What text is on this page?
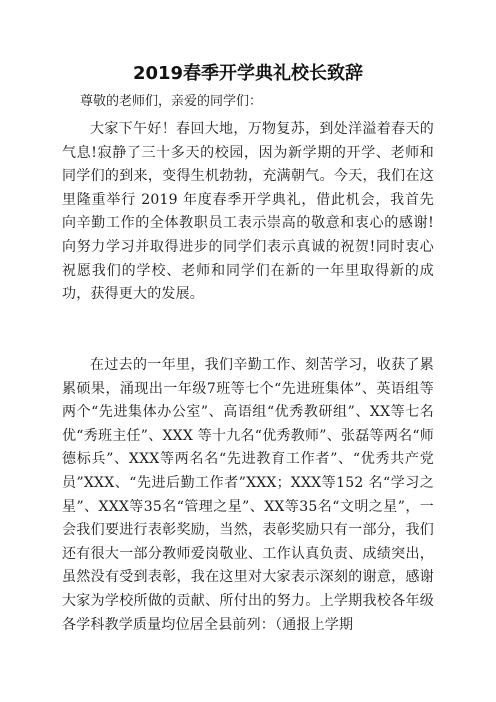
2019春季开学典礼校长致辞

尊敬的老师们，亲爱的同学们：

大家下午好！春回大地，万物复苏，到处洋溢着春天的气息!寂静了三十多天的校园，因为新学期的开学、老师和同学们的到来，变得生机勃勃，充满朝气。今天，我们在这里隆重举行 2019 年度春季开学典礼，借此机会，我首先向辛勤工作的全体教职员工表示崇高的敬意和衷心的感谢!向努力学习并取得进步的同学们表示真诚的祝贺!同时衷心祝愿我们的学校、老师和同学们在新的一年里取得新的成功，获得更大的发展。

在过去的一年里，我们辛勤工作、刻苦学习，收获了累累硕果，涌现出一年级7班等七个“先进班集体”、英语组等两个“先进集体办公室”、高语组“优秀教研组”、XX等七名优“秀班主任”、XXX 等十九名“优秀教师”、张磊等两名“师德标兵”、XXX等两名名“先进教育工作者”、“优秀共产党员”XXX、“先进后勤工作者”XXX；XXX等152 名“学习之星”、XXX等35名“管理之星”、XX等35名“文明之星”，一会我们要进行表彰奖励，当然，表彰奖励只有一部分，我们还有很大一部分教师爱岗敬业、工作认真负责、成绩突出，虽然没有受到表彰，我在这里对大家表示深刻的谢意，感谢大家为学校所做的贡献、所付出的努力。上学期我校各年级各学科教学质量均位居全县前列：（通报上学期
